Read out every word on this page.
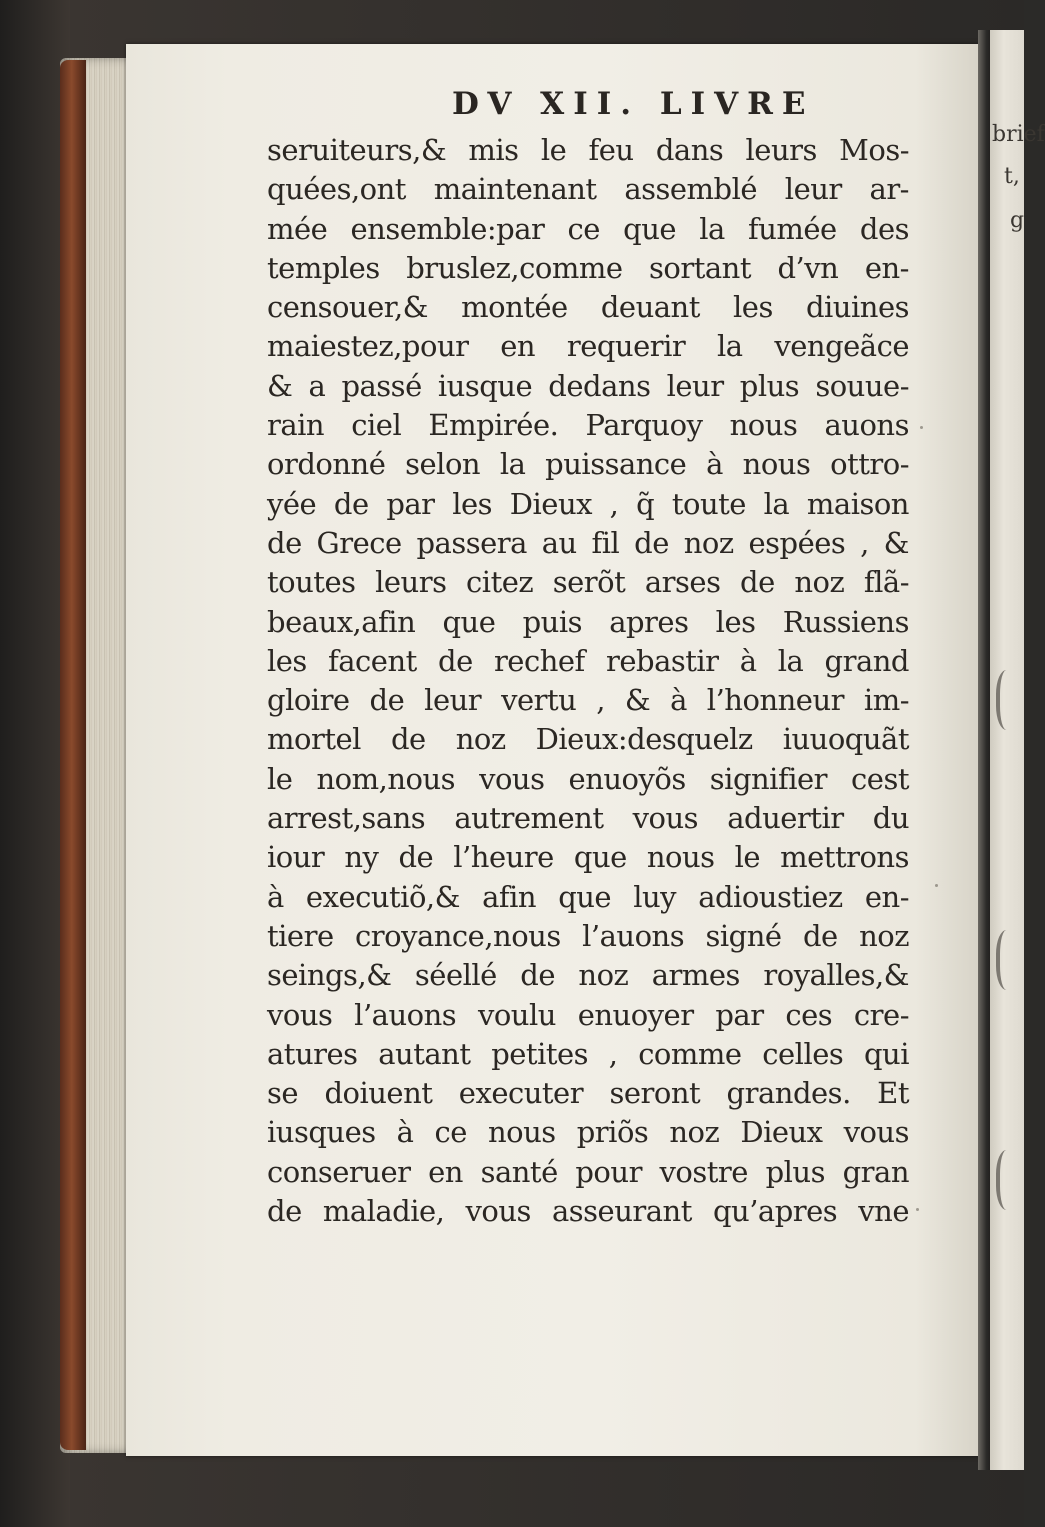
DV XII. LIVRE
seruiteurs,& mis le feu dans leurs Mos-
quées,ont maintenant assemblé leur ar-
mée ensemble:par ce que la fumée des
temples bruslez,comme sortant d’vn en-
censouer,& montée deuant les diuines
maiestez,pour en requerir la vengeãce
& a passé iusque dedans leur plus souue-
rain ciel Empirée. Parquoy nous auons
ordonné selon la puissance à nous ottro-
yée de par les Dieux , q̃ toute la maison
de Grece passera au fil de noz espées , &
toutes leurs citez serõt arses de noz flã-
beaux,afin que puis apres les Russiens
les facent de rechef rebastir à la grand
gloire de leur vertu , & à l’honneur im-
mortel de noz Dieux:desquelz iuuoquãt
le nom,nous vous enuoyõs signifier cest
arrest,sans autrement vous aduertir du
iour ny de l’heure que nous le mettrons
à executiõ,& afin que luy adioustiez en-
tiere croyance,nous l’auons signé de noz
seings,& séellé de noz armes royalles,&
vous l’auons voulu enuoyer par ces cre-
atures autant petites , comme celles qui
se doiuent executer seront grandes. Et
iusques à ce nous priõs noz Dieux vous
conseruer en santé pour vostre plus gran
de maladie, vous asseurant qu’apres vne
brief
t,
g
